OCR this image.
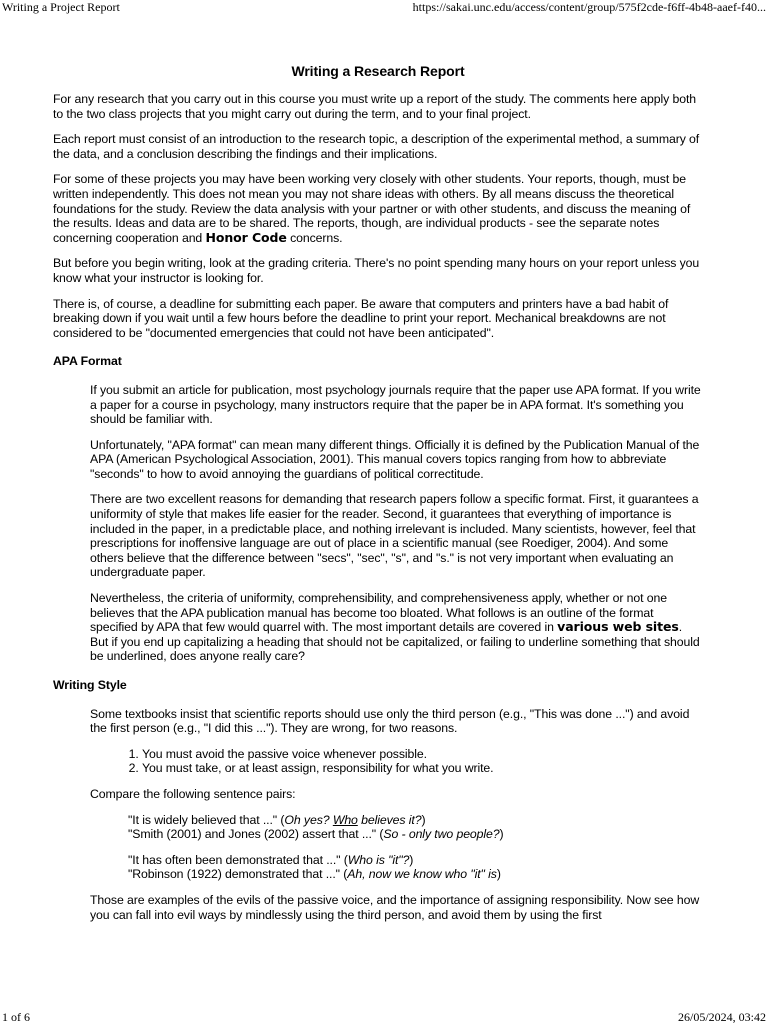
Writing a Project Report	https://sakai.unc.edu/access/content/group/575f2cde-f6ff-4b48-aaef-f40...
Writing a Research Report

For any research that you carry out in this course you must write up a report of the study. The comments here apply both to the two class projects that you might carry out during the term, and to your final project.

Each report must consist of an introduction to the research topic, a description of the experimental method, a summary of the data, and a conclusion describing the findings and their implications.

For some of these projects you may have been working very closely with other students. Your reports, though, must be written independently. This does not mean you may not share ideas with others. By all means discuss the theoretical foundations for the study. Review the data analysis with your partner or with other students, and discuss the meaning of the results. Ideas and data are to be shared. The reports, though, are individual products - see the separate notes concerning cooperation and Honor Code concerns.

But before you begin writing, look at the grading criteria. There's no point spending many hours on your report unless you know what your instructor is looking for.

There is, of course, a deadline for submitting each paper. Be aware that computers and printers have a bad habit of breaking down if you wait until a few hours before the deadline to print your report. Mechanical breakdowns are not considered to be "documented emergencies that could not have been anticipated".

APA Format

If you submit an article for publication, most psychology journals require that the paper use APA format. If you write a paper for a course in psychology, many instructors require that the paper be in APA format. It's something you should be familiar with.

Unfortunately, "APA format" can mean many different things. Officially it is defined by the Publication Manual of the APA (American Psychological Association, 2001). This manual covers topics ranging from how to abbreviate "seconds" to how to avoid annoying the guardians of political correctitude.

There are two excellent reasons for demanding that research papers follow a specific format. First, it guarantees a uniformity of style that makes life easier for the reader. Second, it guarantees that everything of importance is included in the paper, in a predictable place, and nothing irrelevant is included. Many scientists, however, feel that prescriptions for inoffensive language are out of place in a scientific manual (see Roediger, 2004). And some others believe that the difference between "secs", "sec", "s", and "s." is not very important when evaluating an undergraduate paper.

Nevertheless, the criteria of uniformity, comprehensibility, and comprehensiveness apply, whether or not one believes that the APA publication manual has become too bloated. What follows is an outline of the format specified by APA that few would quarrel with. The most important details are covered in various web sites. But if you end up capitalizing a heading that should not be capitalized, or failing to underline something that should be underlined, does anyone really care?

Writing Style

Some textbooks insist that scientific reports should use only the third person (e.g., "This was done ...") and avoid the first person (e.g., "I did this ..."). They are wrong, for two reasons.

1. You must avoid the passive voice whenever possible.
2. You must take, or at least assign, responsibility for what you write.

Compare the following sentence pairs:

"It is widely believed that ..." (Oh yes? Who believes it?)
"Smith (2001) and Jones (2002) assert that ..." (So - only two people?)
"It has often been demonstrated that ..." (Who is "it"?)
"Robinson (1922) demonstrated that ..." (Ah, now we know who "it" is)

Those are examples of the evils of the passive voice, and the importance of assigning responsibility. Now see how you can fall into evil ways by mindlessly using the third person, and avoid them by using the first

1 of 6	26/05/2024, 03:42
